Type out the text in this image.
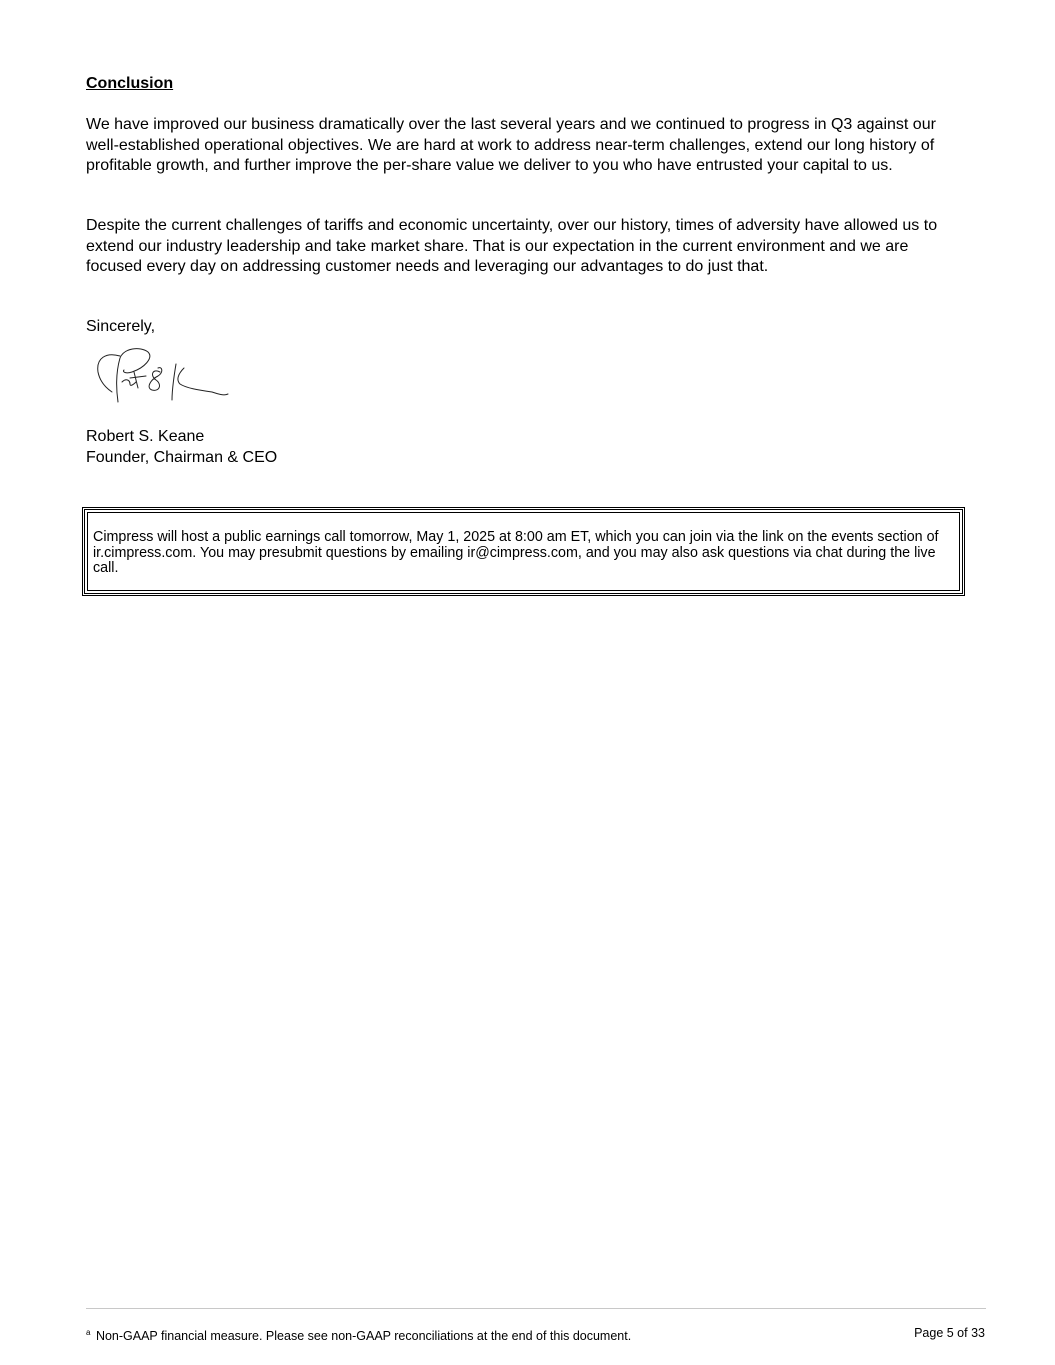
Conclusion

We have improved our business dramatically over the last several years and we continued to progress in Q3 against our well-established operational objectives. We are hard at work to address near-term challenges, extend our long history of profitable growth, and further improve the per-share value we deliver to you who have entrusted your capital to us.

Despite the current challenges of tariffs and economic uncertainty, over our history, times of adversity have allowed us to extend our industry leadership and take market share. That is our expectation in the current environment and we are focused every day on addressing customer needs and leveraging our advantages to do just that.

Sincerely,

Robert S. Keane
Founder, Chairman & CEO

Cimpress will host a public earnings call tomorrow, May 1, 2025 at 8:00 am ET, which you can join via the link on the events section of ir.cimpress.com. You may presubmit questions by emailing ir@cimpress.com, and you may also ask questions via chat during the live call.

$^a$ Non-GAAP financial measure. Please see non-GAAP reconciliations at the end of this document.	Page 5 of 33
